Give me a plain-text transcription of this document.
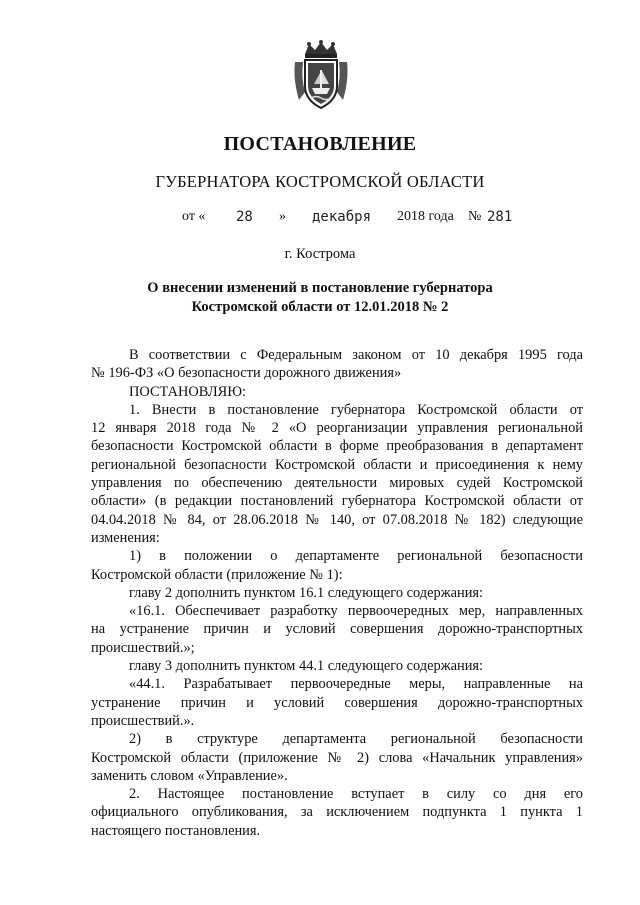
ПОСТАНОВЛЕНИЕ
ГУБЕРНАТОРА КОСТРОМСКОЙ ОБЛАСТИ
от « 28 » декабря 2018 года № 281
г. Кострома
О внесении изменений в постановление губернатора
Костромской области от 12.01.2018 № 2
В соответствии с Федеральным законом от 10 декабря 1995 года
№ 196-ФЗ «О безопасности дорожного движения»
ПОСТАНОВЛЯЮ:
1. Внести в постановление губернатора Костромской области от
12 января 2018 года № 2 «О реорганизации управления региональной
безопасности Костромской области в форме преобразования в департамент
региональной безопасности Костромской области и присоединения к нему
управления по обеспечению деятельности мировых судей Костромской
области» (в редакции постановлений губернатора Костромской области от
04.04.2018 № 84, от 28.06.2018 № 140, от 07.08.2018 № 182) следующие
изменения:
1) в положении о департаменте региональной безопасности
Костромской области (приложение № 1):
главу 2 дополнить пунктом 16.1 следующего содержания:
«16.1. Обеспечивает разработку первоочередных мер, направленных
на устранение причин и условий совершения дорожно-транспортных
происшествий.»;
главу 3 дополнить пунктом 44.1 следующего содержания:
«44.1. Разрабатывает первоочередные меры, направленные на
устранение причин и условий совершения дорожно-транспортных
происшествий.».
2) в структуре департамента региональной безопасности
Костромской области (приложение № 2) слова «Начальник управления»
заменить словом «Управление».
2. Настоящее постановление вступает в силу со дня его
официального опубликования, за исключением подпункта 1 пункта 1
настоящего постановления.
